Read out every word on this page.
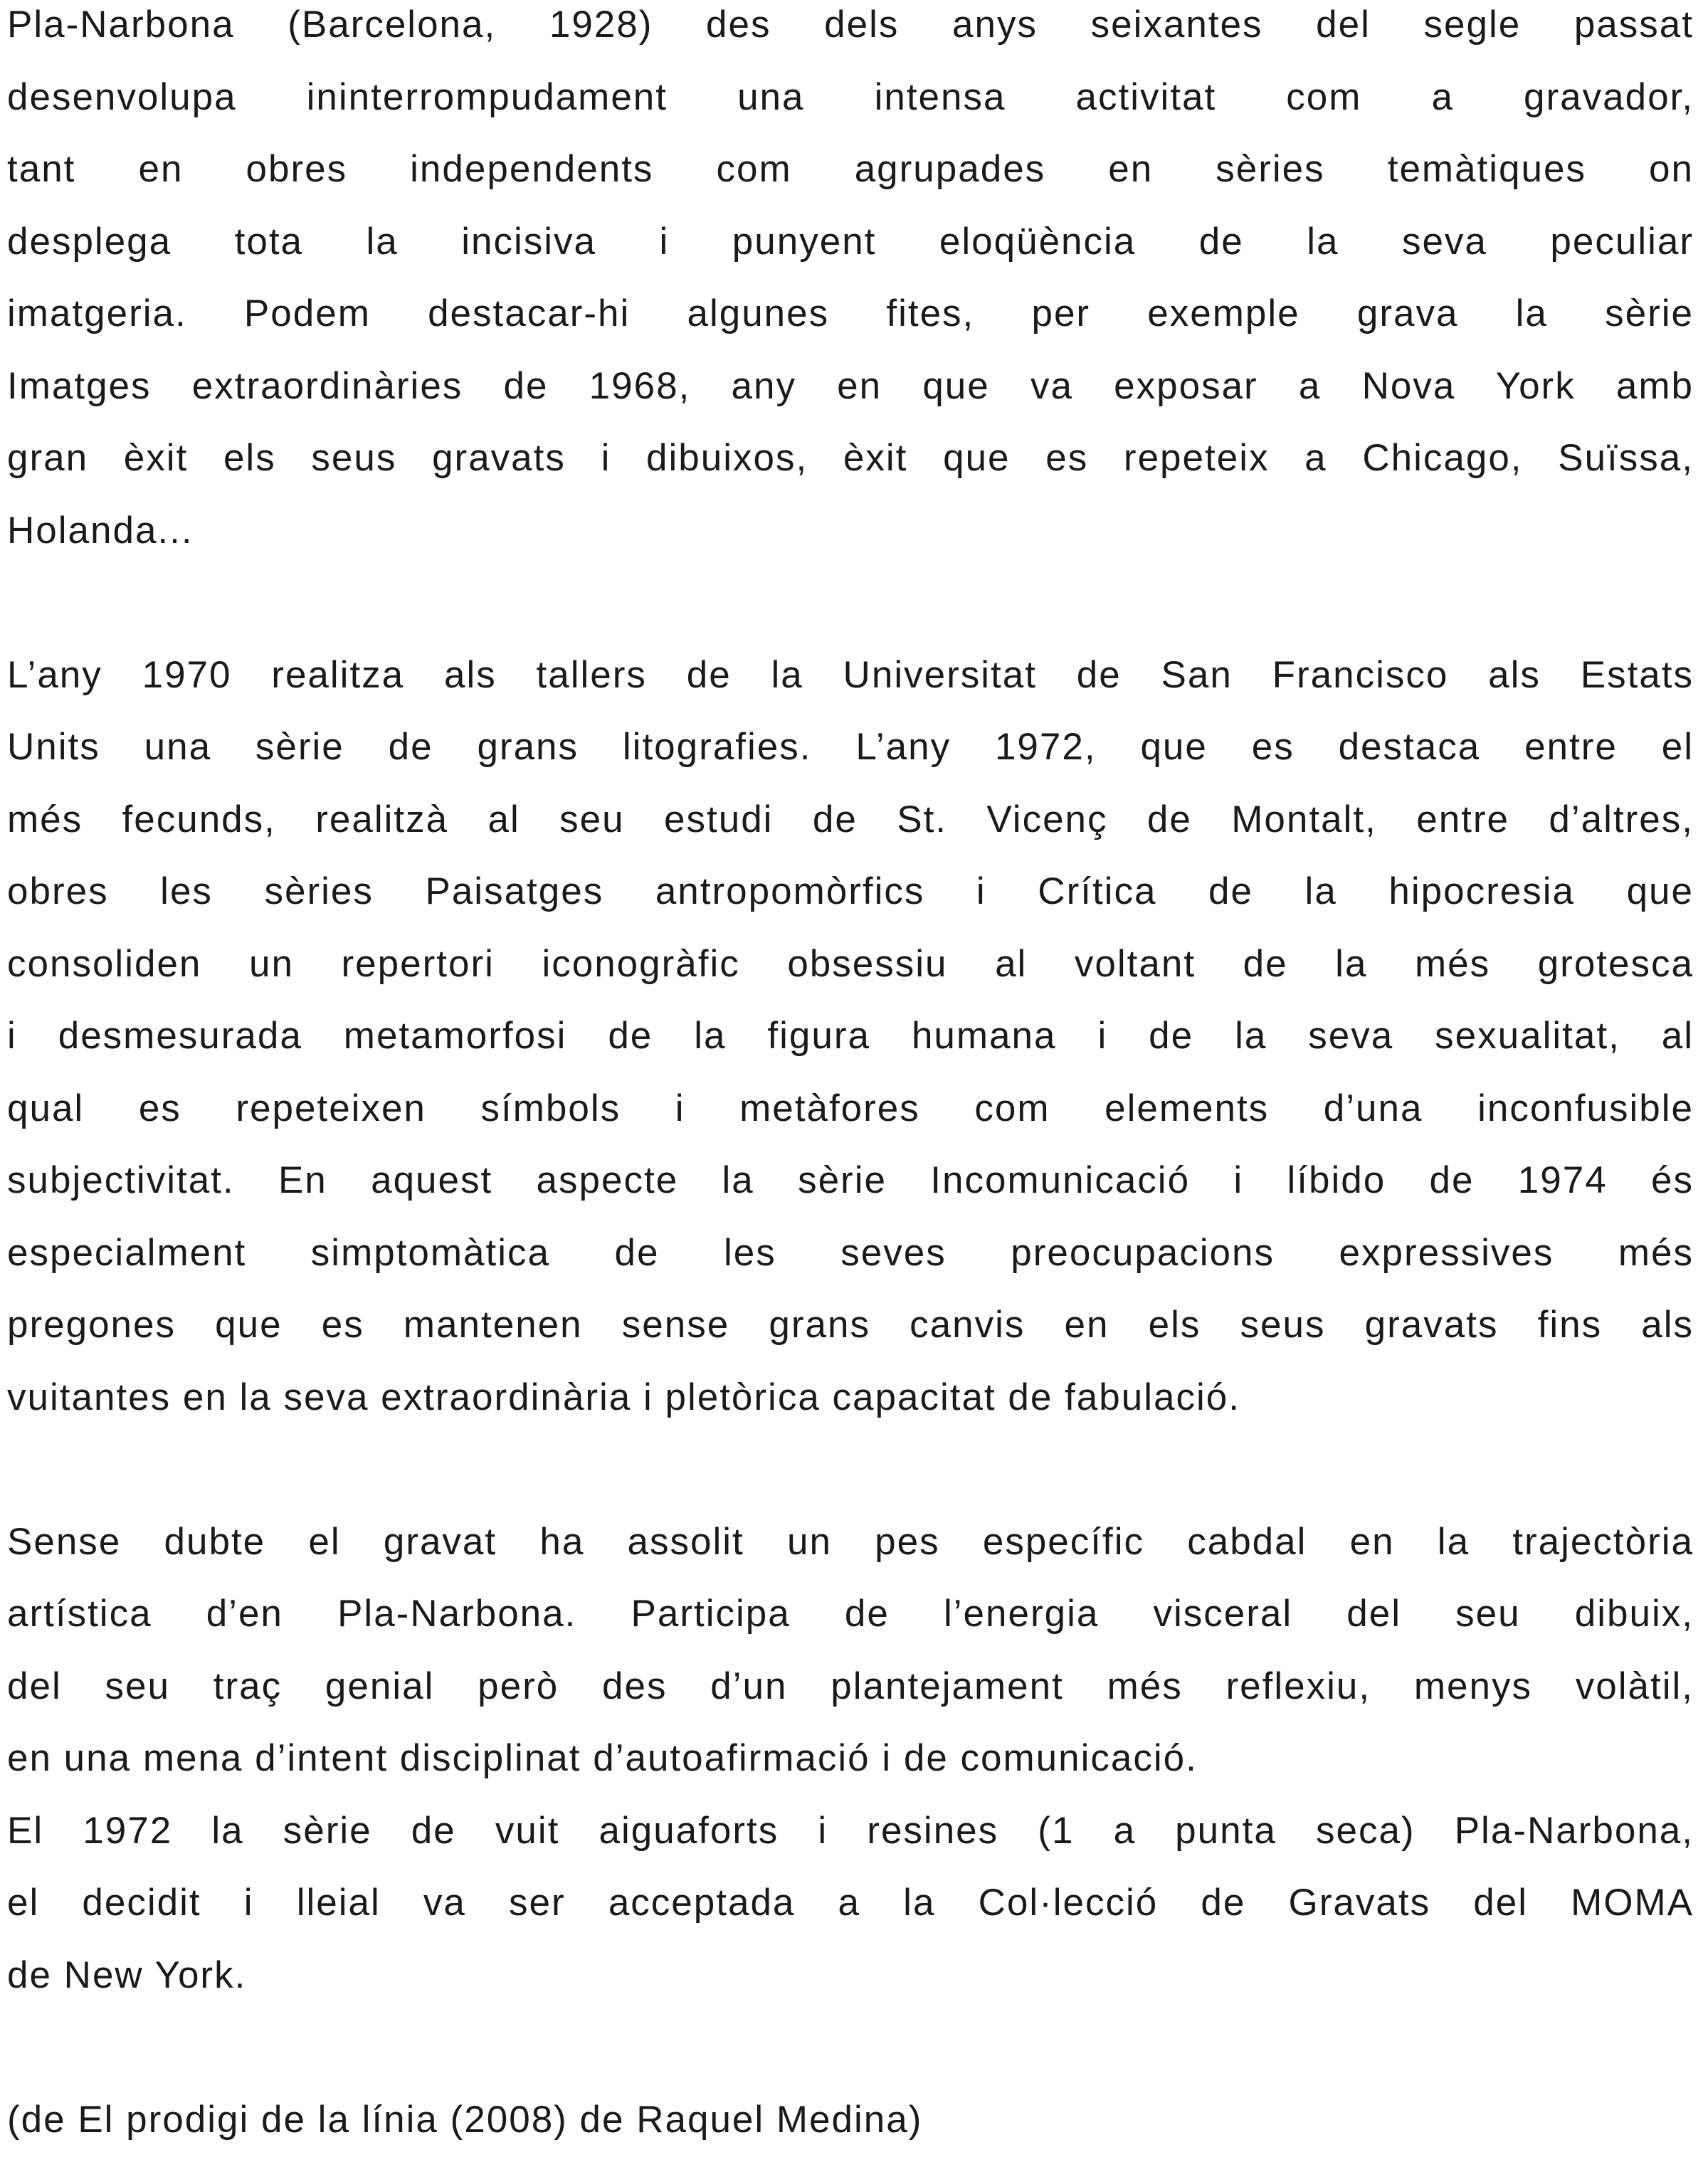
Pla-Narbona (Barcelona, 1928) des dels anys seixantes del segle passat
desenvolupa ininterrompudament una intensa activitat com a gravador,
tant en obres independents com agrupades en sèries temàtiques on
desplega tota la incisiva i punyent eloqüència de la seva peculiar
imatgeria. Podem destacar-hi algunes fites, per exemple grava la sèrie
Imatges extraordinàries de 1968, any en que va exposar a Nova York amb
gran èxit els seus gravats i dibuixos, èxit que es repeteix a Chicago, Suïssa,
Holanda...
L’any 1970 realitza als tallers de la Universitat de San Francisco als Estats
Units una sèrie de grans litografies. L’any 1972, que es destaca entre el
més fecunds, realitzà al seu estudi de St. Vicenç de Montalt, entre d’altres,
obres les sèries Paisatges antropomòrfics i Crítica de la hipocresia que
consoliden un repertori iconogràfic obsessiu al voltant de la més grotesca
i desmesurada metamorfosi de la figura humana i de la seva sexualitat, al
qual es repeteixen símbols i metàfores com elements d’una inconfusible
subjectivitat. En aquest aspecte la sèrie Incomunicació i líbido de 1974 és
especialment simptomàtica de les seves preocupacions expressives més
pregones que es mantenen sense grans canvis en els seus gravats fins als
vuitantes en la seva extraordinària i pletòrica capacitat de fabulació.
Sense dubte el gravat ha assolit un pes específic cabdal en la trajectòria
artística d’en Pla-Narbona. Participa de l’energia visceral del seu dibuix,
del seu traç genial però des d’un plantejament més reflexiu, menys volàtil,
en una mena d’intent disciplinat d’autoafirmació i de comunicació.
El 1972 la sèrie de vuit aiguaforts i resines (1 a punta seca) Pla-Narbona,
el decidit i lleial va ser acceptada a la Col·lecció de Gravats del MOMA
de New York.
(de El prodigi de la línia (2008) de Raquel Medina)
